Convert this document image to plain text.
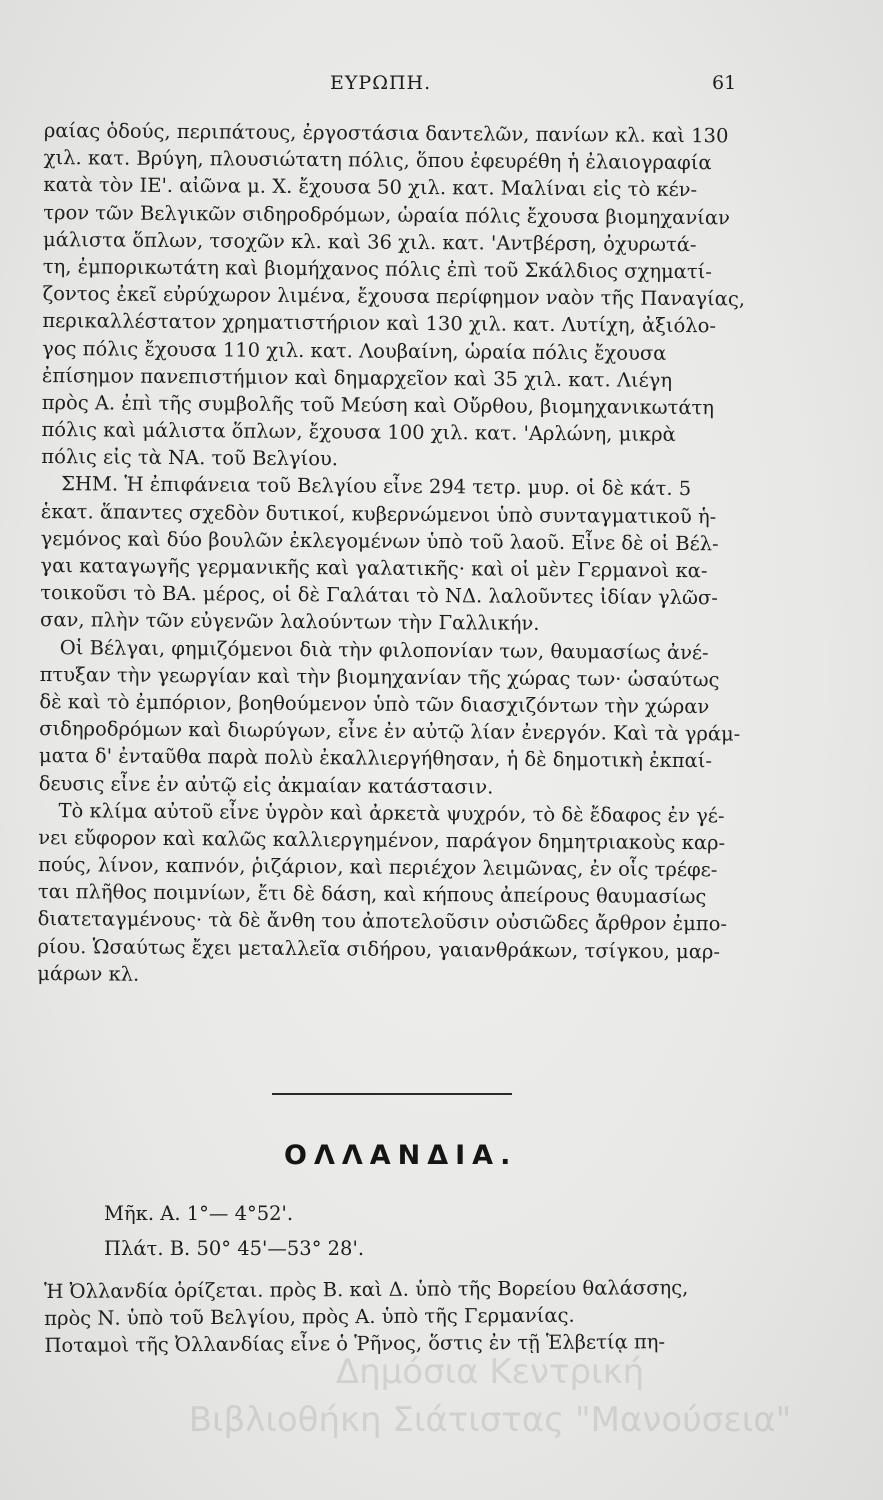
ΕΥΡΩΠΗ.	61
ραίας ὁδούς, περιπάτους, ἐργοστάσια δαντελῶν, πανίων κλ. καὶ 130
χιλ. κατ. Βρύγη, πλουσιώτατη πόλις, ὅπου ἐφευρέθη ἡ ἐλαιογραφία
κατὰ τὸν ΙΕ'. αἰῶνα μ. Χ. ἔχουσα 50 χιλ. κατ. Μαλίναι εἰς τὸ κέν-
τρον τῶν Βελγικῶν σιδηροδρόμων, ὡραία πόλις ἔχουσα βιομηχανίαν
μάλιστα ὅπλων, τσοχῶν κλ. καὶ 36 χιλ. κατ. 'Αντβέρση, ὀχυρωτά-
τη, ἐμπορικωτάτη καὶ βιομήχανος πόλις ἐπὶ τοῦ Σκάλδιος σχηματί-
ζοντος ἐκεῖ εὐρύχωρον λιμένα, ἔχουσα περίφημον ναὸν τῆς Παναγίας,
περικαλλέστατον χρηματιστήριον καὶ 130 χιλ. κατ. Λυτίχη, ἀξιόλο-
γος πόλις ἔχουσα 110 χιλ. κατ. Λουβαίνη, ὡραία πόλις ἔχουσα
ἐπίσημον πανεπιστήμιον καὶ δημαρχεῖον καὶ 35 χιλ. κατ. Λιέγη
πρὸς Α. ἐπὶ τῆς συμβολῆς τοῦ Μεύση καὶ Οὔρθου, βιομηχανικωτάτη
πόλις καὶ μάλιστα ὅπλων, ἔχουσα 100 χιλ. κατ. 'Αρλώνη, μικρὰ
πόλις εἰς τὰ ΝΑ. τοῦ Βελγίου.
ΣΗΜ. Ἡ ἐπιφάνεια τοῦ Βελγίου εἶνε 294 τετρ. μυρ. οἱ δὲ κάτ. 5
ἑκατ. ἅπαντες σχεδὸν δυτικοί, κυβερνώμενοι ὑπὸ συνταγματικοῦ ἡ-
γεμόνος καὶ δύο βουλῶν ἐκλεγομένων ὑπὸ τοῦ λαοῦ. Εἶνε δὲ οἱ Βέλ-
γαι καταγωγῆς γερμανικῆς καὶ γαλατικῆς· καὶ οἱ μὲν Γερμανοὶ κα-
τοικοῦσι τὸ ΒΑ. μέρος, οἱ δὲ Γαλάται τὸ ΝΔ. λαλοῦντες ἰδίαν γλῶσ-
σαν, πλὴν τῶν εὐγενῶν λαλούντων τὴν Γαλλικήν.
Οἱ Βέλγαι, φημιζόμενοι διὰ τὴν φιλοπονίαν των, θαυμασίως ἀνέ-
πτυξαν τὴν γεωργίαν καὶ τὴν βιομηχανίαν τῆς χώρας των· ὡσαύτως
δὲ καὶ τὸ ἐμπόριον, βοηθούμενον ὑπὸ τῶν διασχιζόντων τὴν χώραν
σιδηροδρόμων καὶ διωρύγων, εἶνε ἐν αὐτῷ λίαν ἐνεργόν. Καὶ τὰ γράμ-
ματα δ' ἐνταῦθα παρὰ πολὺ ἐκαλλιεργήθησαν, ἡ δὲ δημοτικὴ ἐκπαί-
δευσις εἶνε ἐν αὐτῷ εἰς ἀκμαίαν κατάστασιν.
Τὸ κλίμα αὐτοῦ εἶνε ὑγρὸν καὶ ἀρκετὰ ψυχρόν, τὸ δὲ ἔδαφος ἐν γέ-
νει εὔφορον καὶ καλῶς καλλιεργημένον, παράγον δημητριακοὺς καρ-
πούς, λίνον, καπνόν, ῥιζάριον, καὶ περιέχον λειμῶνας, ἐν οἷς τρέφε-
ται πλῆθος ποιμνίων, ἔτι δὲ δάση, καὶ κήπους ἀπείρους θαυμασίως
διατεταγμένους· τὰ δὲ ἄνθη του ἀποτελοῦσιν οὐσιῶδες ἄρθρον ἐμπο-
ρίου. Ὡσαύτως ἔχει μεταλλεῖα σιδήρου, γαιανθράκων, τσίγκου, μαρ-
μάρων κλ.
ΟΛΛΑΝΔΙΑ.
Μῆκ. Α. 1°— 4°52'.
Πλάτ. Β. 50° 45'—53° 28'.
Ἡ Ὀλλανδία ὁρίζεται. πρὸς Β. καὶ Δ. ὑπὸ τῆς Βορείου θαλάσσης,
πρὸς Ν. ὑπὸ τοῦ Βελγίου, πρὸς Α. ὑπὸ τῆς Γερμανίας.
Ποταμοὶ τῆς Ὀλλανδίας εἶνε ὁ Ῥῆνος, ὅστις ἐν τῇ Ἑλβετίᾳ πη-
Δημόσια Κεντρική
Βιβλιοθήκη Σιάτιστας "Μανούσεια"
